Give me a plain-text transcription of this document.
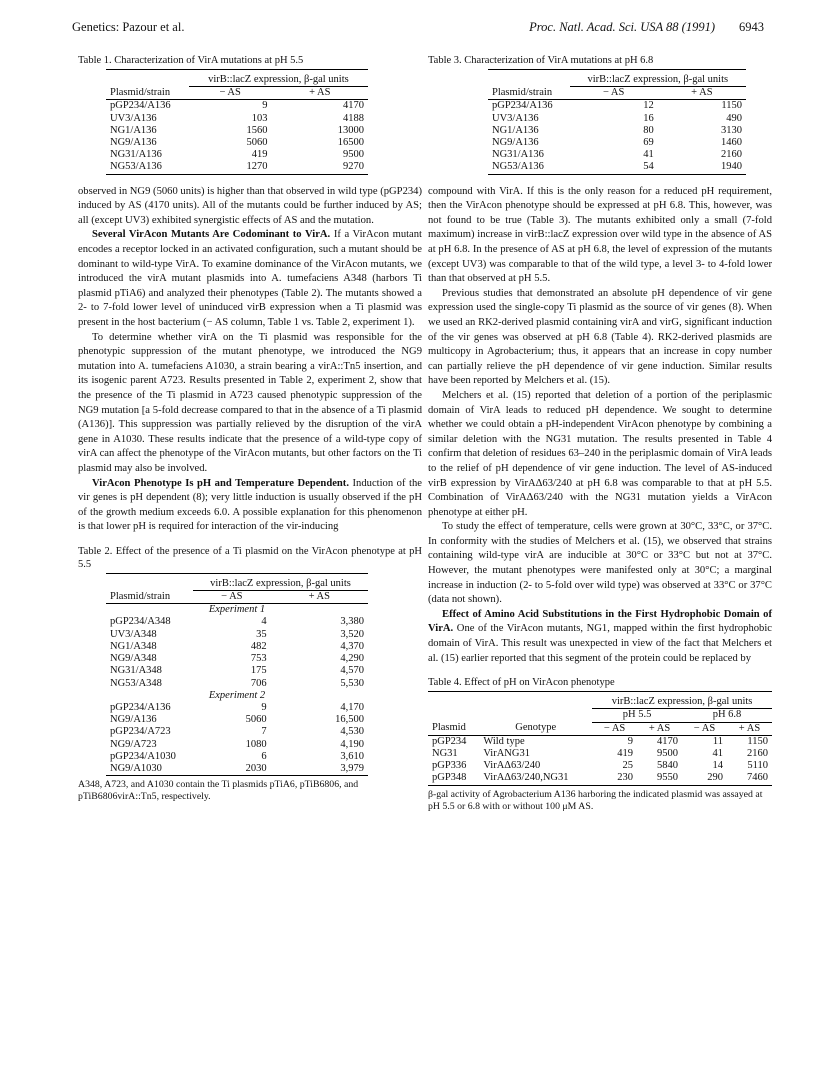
Genetics: Pazour et al.	Proc. Natl. Acad. Sci. USA 88 (1991) 6943
Table 1. Characterization of VirA mutations at pH 5.5

	virB::lacZ expression, β-gal units	
Plasmid/strain	− AS	+ AS
pGP234/A136	9	4170
UV3/A136	103	4188
NG1/A136	1560	13000
NG9/A136	5060	16500
NG31/A136	419	9500
NG53/A136	1270	9270

observed in NG9 (5060 units) is higher than that observed in wild type (pGP234) induced by AS (4170 units). All of the mutants could be further induced by AS; all (except UV3) exhibited synergistic effects of AS and the mutation.

Several VirAcon Mutants Are Codominant to VirA. If a VirAcon mutant encodes a receptor locked in an activated configuration, such a mutant should be dominant to wild-type VirA. To examine dominance of the VirAcon mutants, we introduced the virA mutant plasmids into A. tumefaciens A348 (harbors Ti plasmid pTiA6) and analyzed their phenotypes (Table 2). The mutants showed a 2- to 7-fold lower level of uninduced virB expression when a Ti plasmid was present in the host bacterium (− AS column, Table 1 vs. Table 2, experiment 1).

To determine whether virA on the Ti plasmid was responsible for the phenotypic suppression of the mutant phenotype, we introduced the NG9 mutation into A. tumefaciens A1030, a strain bearing a virA::Tn5 insertion, and its isogenic parent A723. Results presented in Table 2, experiment 2, show that the presence of the Ti plasmid in A723 caused phenotypic suppression of the NG9 mutation [a 5-fold decrease compared to that in the absence of a Ti plasmid (A136)]. This suppression was partially relieved by the disruption of the virA gene in A1030. These results indicate that the presence of a wild-type copy of virA can affect the phenotype of the VirAcon mutants, but other factors on the Ti plasmid may also be involved.

VirAcon Phenotype Is pH and Temperature Dependent. Induction of the vir genes is pH dependent (8); very little induction is usually observed if the pH of the growth medium exceeds 6.0. A possible explanation for this phenomenon is that lower pH is required for interaction of the vir-inducing

Table 2. Effect of the presence of a Ti plasmid on the VirAcon phenotype at pH 5.5

	virB::lacZ expression, β-gal units	
Plasmid/strain	− AS	+ AS
Experiment 1		
pGP234/A348	4	3,380
UV3/A348	35	3,520
NG1/A348	482	4,370
NG9/A348	753	4,290
NG31/A348	175	4,570
NG53/A348	706	5,530
Experiment 2		
pGP234/A136	9	4,170
NG9/A136	5060	16,500
pGP234/A723	7	4,530
NG9/A723	1080	4,190
pGP234/A1030	6	3,610
NG9/A1030	2030	3,979
A348, A723, and A1030 contain the Ti plasmids pTiA6, pTiB6806, and pTiB6806virA::Tn5, respectively.
Table 3. Characterization of VirA mutations at pH 6.8

	virB::lacZ expression, β-gal units	
Plasmid/strain	− AS	+ AS
pGP234/A136	12	1150
UV3/A136	16	490
NG1/A136	80	3130
NG9/A136	69	1460
NG31/A136	41	2160
NG53/A136	54	1940

compound with VirA. If this is the only reason for a reduced pH requirement, then the VirAcon phenotype should be expressed at pH 6.8. This, however, was not found to be true (Table 3). The mutants exhibited only a small (7-fold maximum) increase in virB::lacZ expression over wild type in the absence of AS at pH 6.8. In the presence of AS at pH 6.8, the level of expression of the mutants (except UV3) was comparable to that of the wild type, a level 3- to 4-fold lower than that observed at pH 5.5.

Previous studies that demonstrated an absolute pH dependence of vir gene expression used the single-copy Ti plasmid as the source of vir genes (8). When we used an RK2-derived plasmid containing virA and virG, significant induction of the vir genes was observed at pH 6.8 (Table 4). RK2-derived plasmids are multicopy in Agrobacterium; thus, it appears that an increase in copy number can partially relieve the pH dependence of vir gene induction. Similar results have been reported by Melchers et al. (15).

Melchers et al. (15) reported that deletion of a portion of the periplasmic domain of VirA leads to reduced pH dependence. We sought to determine whether we could obtain a pH-independent VirAcon phenotype by combining a similar deletion with the NG31 mutation. The results presented in Table 4 confirm that deletion of residues 63–240 in the periplasmic domain of VirA leads to the relief of pH dependence of vir gene induction. The level of AS-induced virB expression by VirAΔ63/240 at pH 6.8 was comparable to that at pH 5.5. Combination of VirAΔ63/240 with the NG31 mutation yields a VirAcon phenotype at either pH.

To study the effect of temperature, cells were grown at 30°C, 33°C, or 37°C. In conformity with the studies of Melchers et al. (15), we observed that strains containing wild-type virA are inducible at 30°C or 33°C but not at 37°C. However, the mutant phenotypes were manifested only at 30°C; a marginal increase in induction (2- to 5-fold over wild type) was observed at 33°C or 37°C (data not shown).

Effect of Amino Acid Substitutions in the First Hydrophobic Domain of VirA. One of the VirAcon mutants, NG1, mapped within the first hydrophobic domain of VirA. This result was unexpected in view of the fact that Melchers et al. (15) earlier reported that this segment of the protein could be replaced by

Table 4. Effect of pH on VirAcon phenotype

		virB::lacZ expression, β-gal units			
		pH 5.5		pH 6.8	
Plasmid	Genotype	− AS	+ AS	− AS	+ AS
pGP234	Wild type	9	4170	11	1150
NG31	VirANG31	419	9500	41	2160
pGP336	VirAΔ63/240	25	5840	14	5110
pGP348	VirAΔ63/240,NG31	230	9550	290	7460
β-gal activity of Agrobacterium A136 harboring the indicated plasmid was assayed at pH 5.5 or 6.8 with or without 100 μM AS.
